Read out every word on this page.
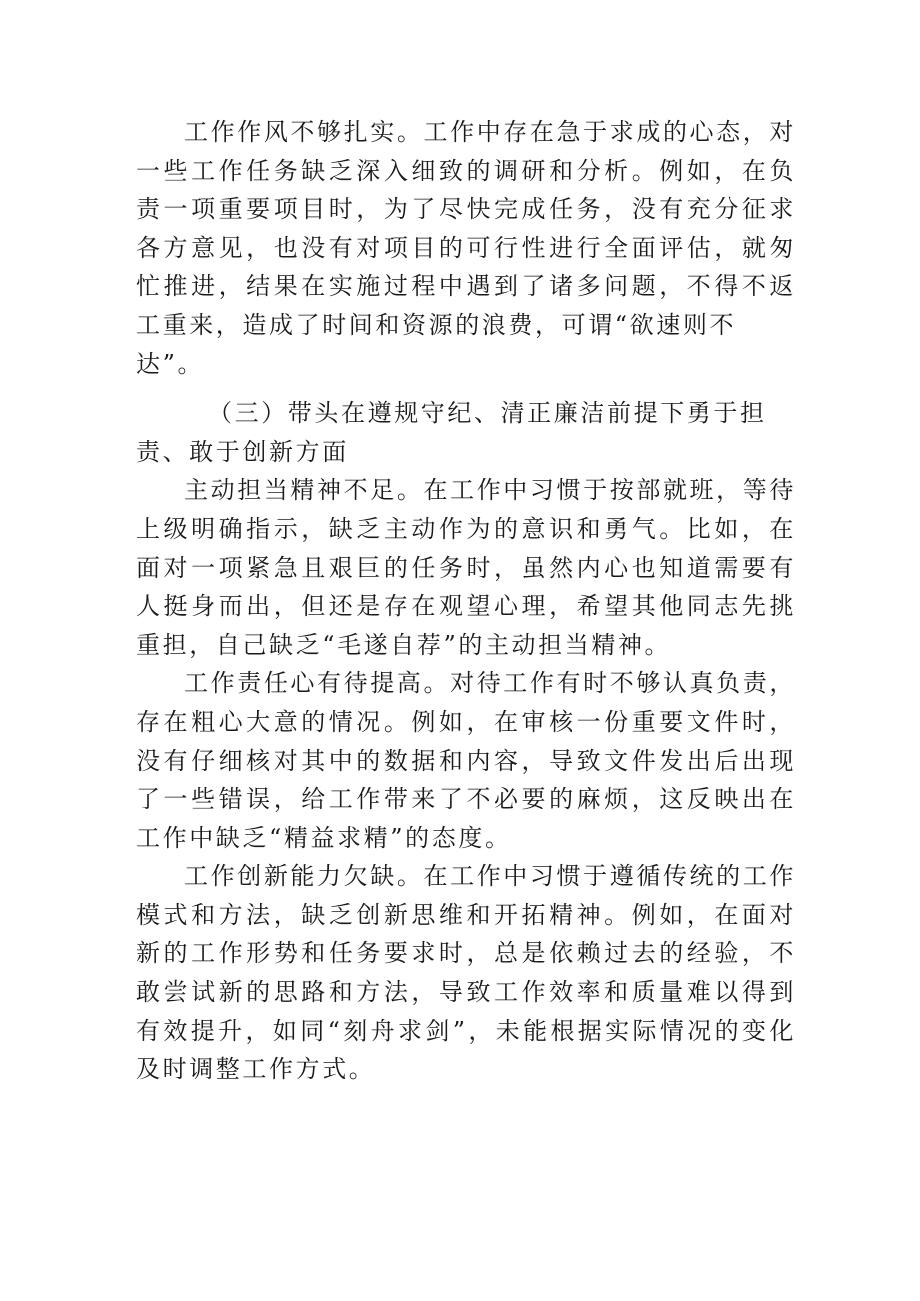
工作作风不够扎实。工作中存在急于求成的心态，对一些工作任务缺乏深入细致的调研和分析。例如，在负责一项重要项目时，为了尽快完成任务，没有充分征求各方意见，也没有对项目的可行性进行全面评估，就匆忙推进，结果在实施过程中遇到了诸多问题，不得不返工重来，造成了时间和资源的浪费，可谓“欲速则不
达”。

（三）带头在遵规守纪、清正廉洁前提下勇于担责、敢于创新方面

主动担当精神不足。在工作中习惯于按部就班，等待上级明确指示，缺乏主动作为的意识和勇气。比如，在面对一项紧急且艰巨的任务时，虽然内心也知道需要有人挺身而出，但还是存在观望心理，希望其他同志先挑重担，自己缺乏“毛遂自荐”的主动担当精神。

工作责任心有待提高。对待工作有时不够认真负责，存在粗心大意的情况。例如，在审核一份重要文件时，没有仔细核对其中的数据和内容，导致文件发出后出现了一些错误，给工作带来了不必要的麻烦，这反映出在工作中缺乏“精益求精”的态度。

工作创新能力欠缺。在工作中习惯于遵循传统的工作模式和方法，缺乏创新思维和开拓精神。例如，在面对新的工作形势和任务要求时，总是依赖过去的经验，不敢尝试新的思路和方法，导致工作效率和质量难以得到有效提升，如同“刻舟求剑”，未能根据实际情况的变化及时调整工作方式。
